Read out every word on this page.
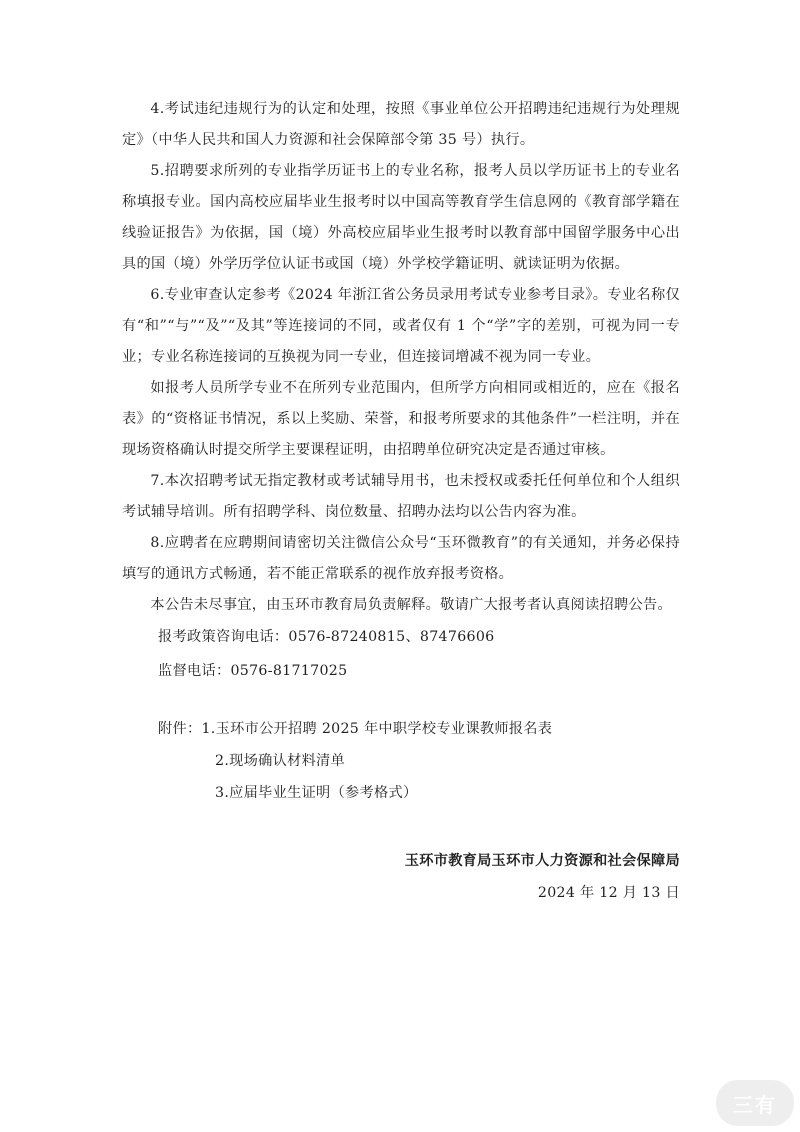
4.考试违纪违规行为的认定和处理，按照《事业单位公开招聘违纪违规行为处理规定》（中华人民共和国人力资源和社会保障部令第 35 号）执行。

5.招聘要求所列的专业指学历证书上的专业名称，报考人员以学历证书上的专业名称填报专业。国内高校应届毕业生报考时以中国高等教育学生信息网的《教育部学籍在线验证报告》为依据，国（境）外高校应届毕业生报考时以教育部中国留学服务中心出具的国（境）外学历学位认证书或国（境）外学校学籍证明、就读证明为依据。

6.专业审查认定参考《2024 年浙江省公务员录用考试专业参考目录》。专业名称仅有“和”“与”“及”“及其”等连接词的不同，或者仅有 1 个“学”字的差别，可视为同一专业；专业名称连接词的互换视为同一专业，但连接词增减不视为同一专业。

如报考人员所学专业不在所列专业范围内，但所学方向相同或相近的，应在《报名表》的“资格证书情况，系以上奖励、荣誉，和报考所要求的其他条件”一栏注明，并在现场资格确认时提交所学主要课程证明，由招聘单位研究决定是否通过审核。

7.本次招聘考试无指定教材或考试辅导用书，也未授权或委托任何单位和个人组织考试辅导培训。所有招聘学科、岗位数量、招聘办法均以公告内容为准。

8.应聘者在应聘期间请密切关注微信公众号“玉环微教育”的有关通知，并务必保持填写的通讯方式畅通，若不能正常联系的视作放弃报考资格。

本公告未尽事宜，由玉环市教育局负责解释。敬请广大报考者认真阅读招聘公告。

报考政策咨询电话：0576-87240815、87476606

监督电话：0576-81717025

附件： 1.玉环市公开招聘 2025 年中职学校专业课教师报名表
2.现场确认材料清单
3.应届毕业生证明（参考格式）
玉环市教育局玉环市人力资源和社会保障局
2024 年 12 月 13 日
三有
